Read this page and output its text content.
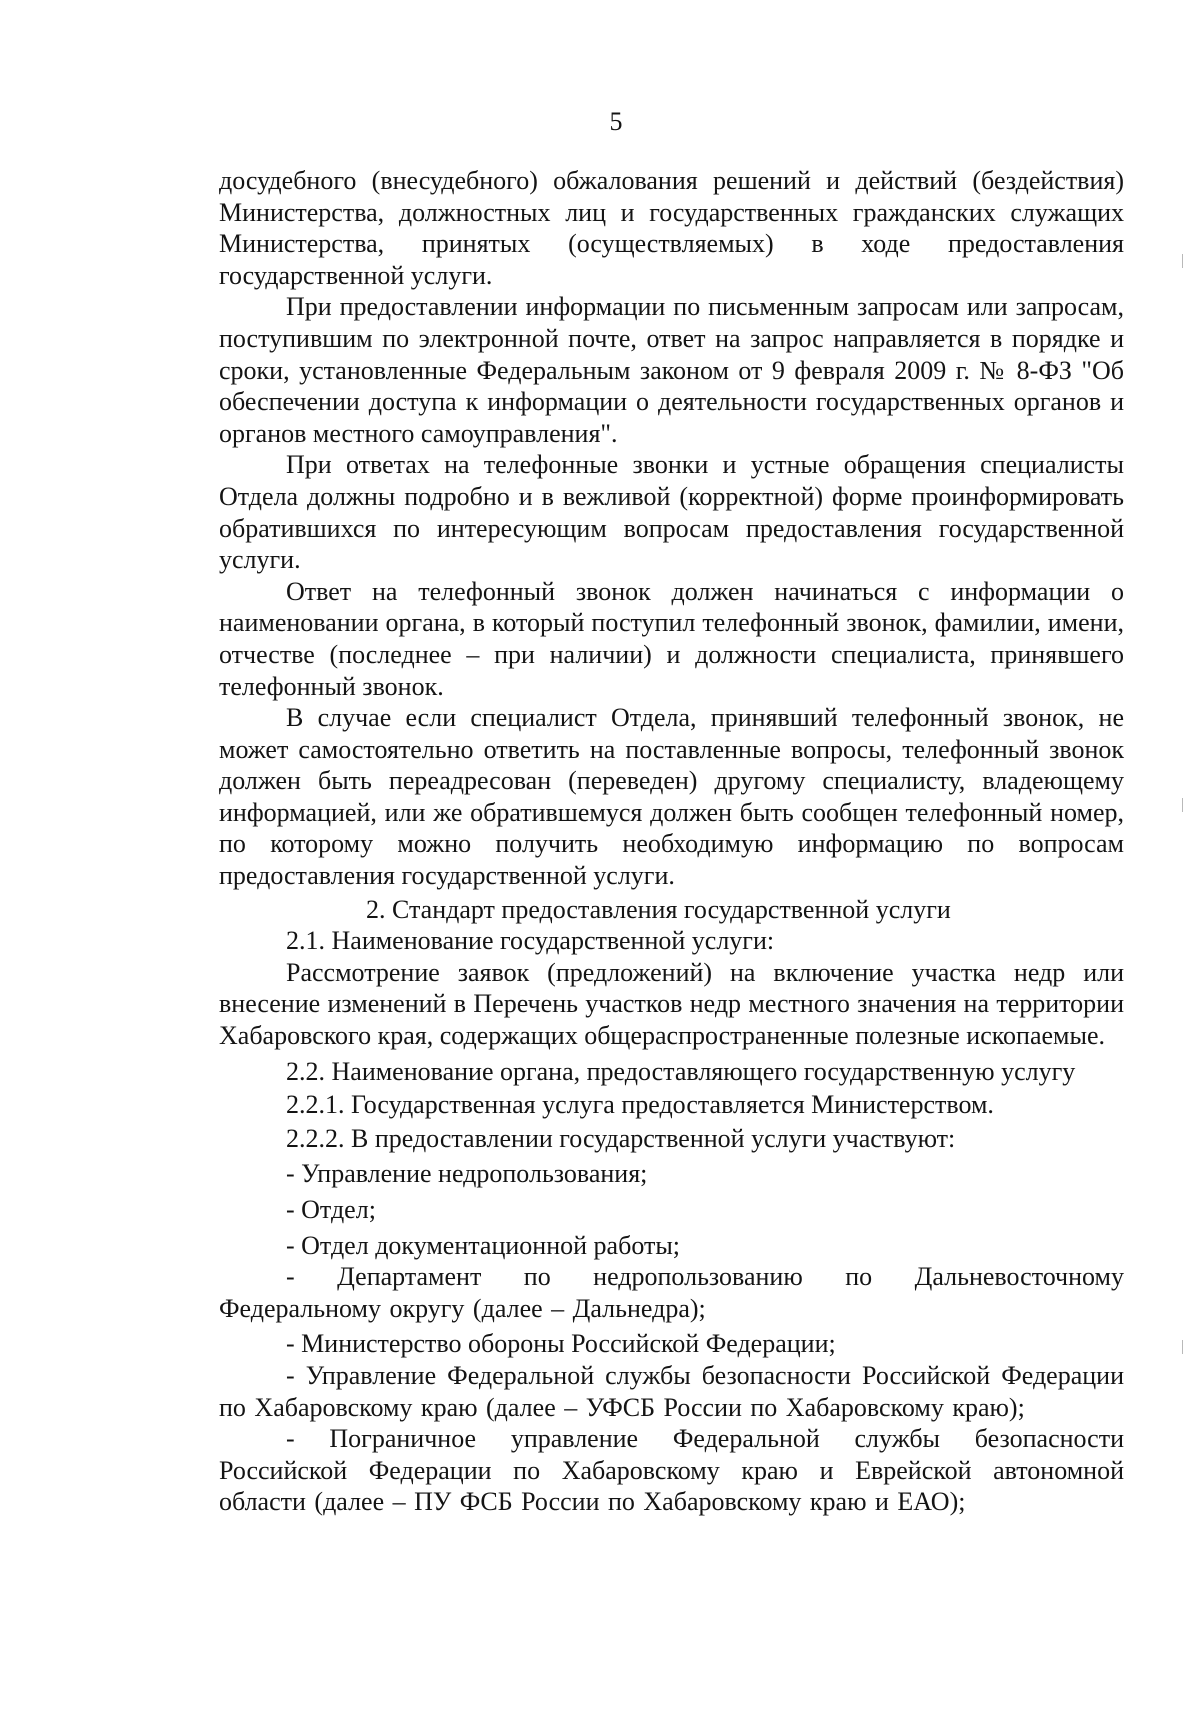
5

досудебного (внесудебного) обжалования решений и действий (бездействия) Министерства, должностных лиц и государственных гражданских служащих Министерства, принятых (осуществляемых) в ходе предоставления государственной услуги.

При предоставлении информации по письменным запросам или запросам, поступившим по электронной почте, ответ на запрос направляется в порядке и сроки, установленные Федеральным законом от 9 февраля 2009 г. № 8-ФЗ "Об обеспечении доступа к информации о деятельности государственных органов и органов местного самоуправления".

При ответах на телефонные звонки и устные обращения специалисты Отдела должны подробно и в вежливой (корректной) форме проинформировать обратившихся по интересующим вопросам предоставления государственной услуги.

Ответ на телефонный звонок должен начинаться с информации о наименовании органа, в который поступил телефонный звонок, фамилии, имени, отчестве (последнее – при наличии) и должности специалиста, принявшего телефонный звонок.

В случае если специалист Отдела, принявший телефонный звонок, не может самостоятельно ответить на поставленные вопросы, телефонный звонок должен быть переадресован (переведен) другому специалисту, владеющему информацией, или же обратившемуся должен быть сообщен телефонный номер, по которому можно получить необходимую информацию по вопросам предоставления государственной услуги.

2. Стандарт предоставления государственной услуги

2.1. Наименование государственной услуги:

Рассмотрение заявок (предложений) на включение участка недр или внесение изменений в Перечень участков недр местного значения на территории Хабаровского края, содержащих общераспространенные полезные ископаемые.

2.2. Наименование органа, предоставляющего государственную услугу

2.2.1. Государственная услуга предоставляется Министерством.

2.2.2. В предоставлении государственной услуги участвуют:

- Управление недропользования;

- Отдел;

- Отдел документационной работы;

- Департамент по недропользованию по Дальневосточному Федеральному округу (далее – Дальнедра);

- Министерство обороны Российской Федерации;

- Управление Федеральной службы безопасности Российской Федерации по Хабаровскому краю (далее – УФСБ России по Хабаровскому краю);

- Пограничное управление Федеральной службы безопасности Российской Федерации по Хабаровскому краю и Еврейской автономной области (далее – ПУ ФСБ России по Хабаровскому краю и ЕАО);
